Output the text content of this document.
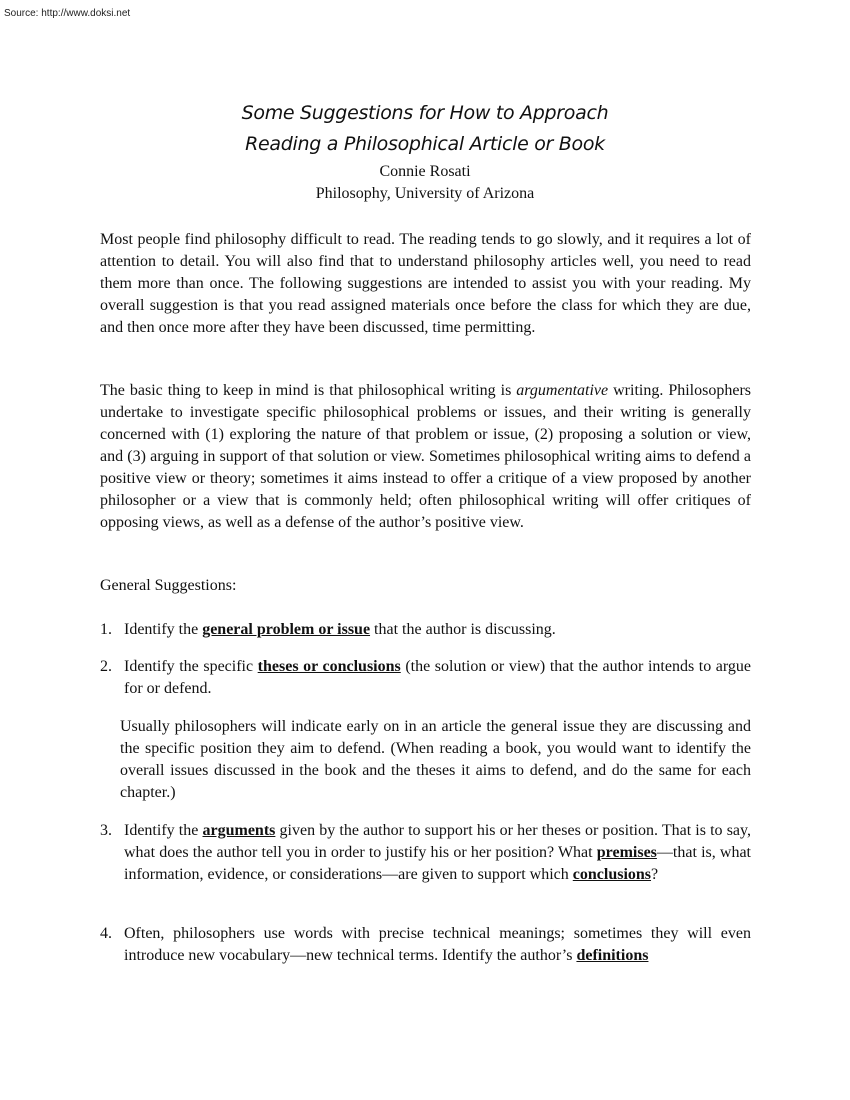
Source: http://www.doksi.net

Some Suggestions for How to Approach
Reading a Philosophical Article or Book

Connie Rosati

Philosophy, University of Arizona

Most people find philosophy difficult to read. The reading tends to go slowly, and it requires a lot of attention to detail. You will also find that to understand philosophy articles well, you need to read them more than once. The following suggestions are intended to assist you with your reading. My overall suggestion is that you read assigned materials once before the class for which they are due, and then once more after they have been discussed, time permitting.

The basic thing to keep in mind is that philosophical writing is argumentative writing. Philosophers undertake to investigate specific philosophical problems or issues, and their writing is generally concerned with (1) exploring the nature of that problem or issue, (2) proposing a solution or view, and (3) arguing in support of that solution or view. Sometimes philosophical writing aims to defend a positive view or theory; sometimes it aims instead to offer a critique of a view proposed by another philosopher or a view that is commonly held; often philosophical writing will offer critiques of opposing views, as well as a defense of the author’s positive view.

General Suggestions:

1. Identify the general problem or issue that the author is discussing.
2. Identify the specific theses or conclusions (the solution or view) that the author intends to argue for or defend.

Usually philosophers will indicate early on in an article the general issue they are discussing and the specific position they aim to defend. (When reading a book, you would want to identify the overall issues discussed in the book and the theses it aims to defend, and do the same for each chapter.)

3. Identify the arguments given by the author to support his or her theses or position. That is to say, what does the author tell you in order to justify his or her position? What premises—that is, what information, evidence, or considerations—are given to support which conclusions?
4. Often, philosophers use words with precise technical meanings; sometimes they will even introduce new vocabulary—new technical terms. Identify the author’s definitions
